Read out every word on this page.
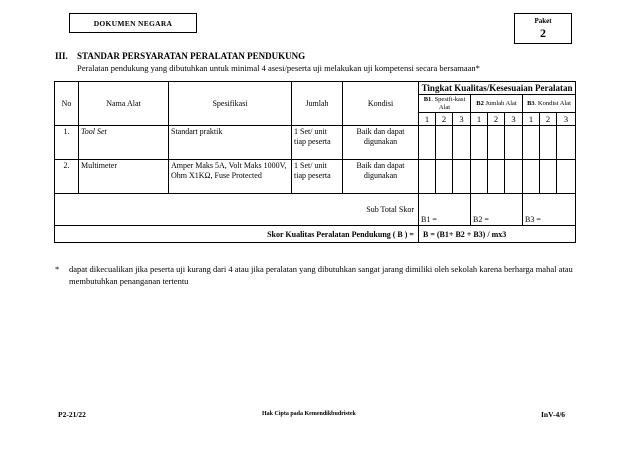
DOKUMEN NEGARA	Paket
2
III. STANDAR PERSYARATAN PERALATAN PENDUKUNG
Peralatan pendukung yang dibutuhkan untuk minimal 4 asesi/peserta uji melakukan uji kompetensi secara bersamaan*
No	Nama Alat	Spesifikasi	Jumlah	Kondisi	Tingkat Kualitas/Kesesuaian Peralatan								
					B1. Spesifi-kasi Alat			B2 Jumlah Alat			B3. Kondisi Alat		
					1	2	3	1	2	3	1	2	3
1.	Tool Set	Standart praktik	1 Set/ unit tiap peserta	Baik dan dapat digunakan									
2.	Multimeter	Amper Maks 5A, Volt Maks 1000V, Ohm X1KΩ, Fuse Protected	1 Set/ unit tiap peserta	Baik dan dapat digunakan									
Sub Total Skor					B1 =			B2 =			B3 =		
Skor Kualitas Peralatan Pendukung ( B ) =					B = (B1+ B2 + B3) / mx3								
* dapat dikecualikan jika peserta uji kurang dari 4 atau jika peralatan yang dibutuhkan sangat jarang dimiliki oleh sekolah karena berharga mahal atau membutuhkan penanganan tertentu
P2-21/22	Hak Cipta pada Kemendikbudristek	InV-4/6
